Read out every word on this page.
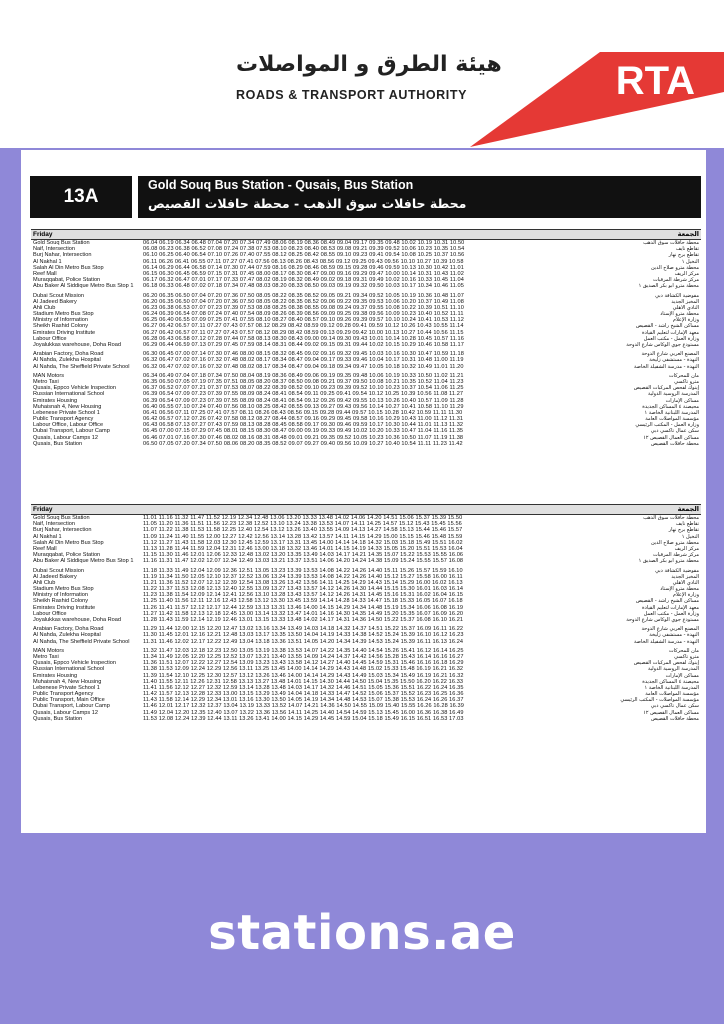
هيئة الطرق و المواصلات
ROADS & TRANSPORT AUTHORITY	RTA
13A
Gold Souq Bus Station - Qusais, Bus Station
محطة حافلات سوق الذهب - محطة حافلات القصيص
Friday	الجمعة
Gold Souq Bus Station	06.04 06.19 06.34 06.48 07.04 07.20 07.34 07.49 08.06 08.19 08.36 08.49 09.04 09.17 09.35 09.48 10.02 10.19 10.31 10.50	محطة حافلات سوق الذهب
Naif, Intersection	06.08 06.23 06.38 06.52 07.08 07.24 07.38 07.53 08.10 08.23 08.40 08.53 09.08 09.21 09.39 09.52 10.06 10.23 10.35 10.54	تقاطع نايف
Burj Nahar, Intersection	06.10 06.25 06.40 06.54 07.10 07.26 07.40 07.55 08.12 08.25 08.42 08.55 09.10 09.23 09.41 09.54 10.08 10.25 10.37 10.56	تقاطع برج نهار
Al Nakhal 1	06.11 06.26 06.41 06.55 07.11 07.27 07.41 07.56 08.13 08.26 08.43 08.56 09.12 09.25 09.43 09.56 10.10 10.27 10.39 10.58	النخيل ١
Salah Al Din Metro Bus Stop	06.14 06.29 06.44 06.58 07.14 07.30 07.44 07.59 08.16 08.29 08.46 08.59 09.15 09.28 09.46 09.59 10.13 10.30 10.42 11.01	محطة مترو صلاح الدين
Reef Mall	06.15 06.30 06.45 06.59 07.15 07.31 07.45 08.00 08.17 08.30 08.47 09.00 09.16 09.29 09.47 10.00 10.14 10.31 10.43 11.02	مركز الريف
Muraqqabat, Police Station	06.17 06.32 06.47 07.01 07.17 07.33 07.47 08.02 08.19 08.32 08.49 09.02 09.18 09.31 09.49 10.02 10.16 10.33 10.45 11.04	مركز شرطة المرقبات
Abu Baker Al Siddique Metro Bus Stop 1	06.18 06.33 06.48 07.02 07.18 07.34 07.48 08.03 08.20 08.33 08.50 09.03 09.19 09.32 09.50 10.03 10.17 10.34 10.46 11.05	محطة مترو أبو بكر الصديق ١
Dubai Scout Mission	06.20 06.35 06.50 07.04 07.20 07.36 07.50 08.05 08.22 08.35 08.52 09.05 09.21 09.34 09.52 10.05 10.19 10.36 10.48 11.07	مفوضية الكشافة دبي
Al Jadeed Bakery	06.20 06.35 06.50 07.04 07.20 07.36 07.50 08.05 08.22 08.35 08.52 09.06 09.22 09.35 09.53 10.06 10.20 10.37 10.49 11.08	المخبز الجديد
Ahli Club	06.23 06.38 06.53 07.07 07.23 07.39 07.53 08.08 08.25 08.38 08.55 09.08 09.24 09.37 09.55 10.08 10.22 10.39 10.51 11.10	النادي الأهلي
Stadium Metro Bus Stop	06.24 06.39 06.54 07.08 07.24 07.40 07.54 08.09 08.26 08.39 08.56 09.09 09.25 09.38 09.56 10.09 10.23 10.40 10.52 11.11	محطة مترو الإستاد
Ministry of Information	06.25 06.40 06.55 07.09 07.25 07.41 07.55 08.10 08.27 08.40 08.57 09.10 09.26 09.39 09.57 10.10 10.24 10.41 10.53 11.12	وزارة الإعلام
Sheikh Rashid Colony	06.27 06.42 06.57 07.11 07.27 07.43 07.57 08.12 08.29 08.42 08.59 09.12 09.28 09.41 09.59 10.12 10.26 10.43 10.55 11.14	مساكن الشيخ راشد - القصيص
Emirates Driving Institute	06.27 06.42 06.57 07.11 07.27 07.43 07.57 08.12 08.29 08.42 08.59 09.13 09.29 09.42 10.00 10.13 10.27 10.44 10.56 11.15	معهد الإمارات لتعليم القيادة
Labour Office	06.28 06.43 06.58 07.12 07.28 07.44 07.58 08.13 08.30 08.43 09.00 09.14 09.30 09.43 10.01 10.14 10.28 10.45 10.57 11.16	وزارة العمل - مكتب العمل
Joyalukkas warehouse, Doha Road	06.29 06.44 06.59 07.13 07.29 07.45 07.59 08.14 08.31 08.44 09.02 09.15 09.31 09.44 10.02 10.15 10.29 10.46 10.58 11.17	مستودع جوي ألوكاس شارع الدوحة
Arabian Factory, Doha Road	06.30 06.45 07.00 07.14 07.30 07.46 08.00 08.15 08.32 08.45 09.02 09.16 09.32 09.45 10.03 10.16 10.30 10.47 10.59 11.18	المصنع العربي شارع الدوحة
Al Nahda, Zulekha Hospital	06.32 06.47 07.02 07.16 07.32 07.48 08.02 08.17 08.34 08.47 09.04 09.17 09.33 09.46 10.04 10.17 10.31 10.48 11.00 11.19	النهدة - مستشفى زليخة
Al Nahda, The Sheffield Private School	06.32 06.47 07.02 07.16 07.32 07.48 08.02 08.17 08.34 08.47 09.04 09.18 09.34 09.47 10.05 10.18 10.32 10.49 11.01 11.20	النهدة - مدرسة الشفيلد الخاصة
MAN Motors	06.34 06.49 07.04 07.18 07.34 07.50 08.04 08.19 08.36 08.49 09.06 09.19 09.35 09.48 10.06 10.19 10.33 10.50 11.02 11.21	مان للمحركات
Metro Taxi	06.35 06.50 07.05 07.19 07.35 07.51 08.05 08.20 08.37 08.50 09.08 09.21 09.37 09.50 10.08 10.21 10.35 10.52 11.04 11.23	مترو تاكسي
Qusais, Eppco Vehicle Inspection	06.37 06.52 07.07 07.21 07.37 07.53 08.07 08.22 08.39 08.52 09.10 09.23 09.39 09.52 10.10 10.23 10.37 10.54 11.06 11.25	إينوك لفحص المركبات القصيص
Russian International School	06.39 06.54 07.09 07.23 07.39 07.55 08.09 08.24 08.41 08.54 09.11 09.25 09.41 09.54 10.12 10.25 10.39 10.56 11.08 11.27	المدرسة الروسية الدولية
Emirates Housing	06.39 06.54 07.09 07.23 07.39 07.55 08.09 08.24 08.41 08.54 09.12 09.26 09.42 09.55 10.13 10.26 10.40 10.57 11.09 11.28	مساكن الإمارات
Muhaisnah 4, New Housing	06.40 06.55 07.10 07.24 07.40 07.56 08.10 08.25 08.42 08.55 09.13 09.27 09.43 09.56 10.14 10.27 10.41 10.58 11.10 11.29	محيصنة ٤ المساكن الجديدة
Lebenese Private School 1	06.41 06.56 07.11 07.25 07.41 07.57 08.11 08.26 08.43 08.56 09.15 09.28 09.44 09.57 10.15 10.28 10.42 10.59 11.11 11.30	المدرسة اللبنانية الخاصة ١
Public Transport Agency	06.42 06.57 07.12 07.26 07.42 07.58 08.12 08.27 08.44 08.57 09.16 09.29 09.45 09.58 10.16 10.29 10.43 11.00 11.12 11.31	مؤسسة المواصلات العامة
Labour Office, Labour Office	06.43 06.58 07.13 07.27 07.43 07.59 08.13 08.28 08.45 08.58 09.17 09.30 09.46 09.59 10.17 10.30 10.44 11.01 11.13 11.32	وزارة العمل - المكتب الرئيسي
Dubai Transport, Labour Camp	06.45 07.00 07.15 07.29 07.45 08.01 08.15 08.30 08.47 09.00 09.19 09.33 09.49 10.02 10.20 10.33 10.47 11.04 11.16 11.35	سكن عمال تاكسي دبي
Qusais, Labour Camps 12	06.46 07.01 07.16 07.30 07.46 08.02 08.16 08.31 08.48 09.01 09.21 09.35 09.52 10.05 10.23 10.36 10.50 11.07 11.19 11.38	مساكن العمال القصيص ١٢
Qusais, Bus Station	06.50 07.05 07.20 07.34 07.50 08.06 08.20 08.35 08.52 09.07 09.27 09.40 09.56 10.09 10.27 10.40 10.54 11.11 11.23 11.42	محطة حافلات القصيص
Friday	الجمعة
Gold Souq Bus Station	11.01 11.16 11.32 11.47 11.52 12.19 12.34 12.48 13.06 13.20 13.33 13.48 14.02 14.06 14.20 14.51 15.06 15.37 15.39 15.50	محطة حافلات سوق الذهب
Naif, Intersection	11.05 11.20 11.36 11.51 11.56 12.23 12.38 12.52 13.10 13.24 13.38 13.53 14.07 14.11 14.25 14.57 15.12 15.43 15.45 15.56	تقاطع نايف
Burj Nahar, Intersection	11.07 11.22 11.38 11.53 11.58 12.25 12.40 12.54 13.12 13.26 13.40 13.55 14.09 14.13 14.27 14.58 15.13 15.44 15.46 15.57	تقاطع برج نهار
Al Nakhal 1	11.09 11.24 11.40 11.55 12.00 12.27 12.42 12.56 13.14 13.28 13.42 13.57 14.11 14.15 14.29 15.00 15.15 15.46 15.48 15.59	النخيل ١
Salah Al Din Metro Bus Stop	11.12 11.27 11.43 11.58 12.03 12.30 12.45 12.59 13.17 13.31 13.45 14.00 14.14 14.18 14.32 15.03 15.18 15.49 15.51 16.02	محطة مترو صلاح الدين
Reef Mall	11.13 11.28 11.44 11.59 12.04 12.31 12.46 13.00 13.18 13.32 13.46 14.01 14.15 14.19 14.33 15.05 15.20 15.51 15.53 16.04	مركز الريف
Muraqqabat, Police Station	11.15 11.30 11.46 12.01 12.06 12.33 12.48 13.02 13.20 13.35 13.49 14.03 14.17 14.21 14.35 15.07 15.22 15.53 15.55 16.06	مركز شرطة المرقبات
Abu Baker Al Siddique Metro Bus Stop 1	11.16 11.31 11.47 12.02 12.07 12.34 12.49 13.03 13.21 13.37 13.51 14.06 14.20 14.24 14.38 15.09 15.24 15.55 15.57 16.08	محطة مترو أبو بكر الصديق ١
Dubai Scout Mission	11.18 11.33 11.49 12.04 12.09 12.36 12.51 13.05 13.23 13.39 13.53 14.08 14.22 14.26 14.40 15.11 15.26 15.57 15.59 16.10	مفوضية الكشافة دبي
Al Jadeed Bakery	11.19 11.34 11.50 12.05 12.10 12.37 12.52 13.06 13.24 13.39 13.53 14.08 14.22 14.26 14.40 15.12 15.27 15.58 16.00 16.11	المخبز الجديد
Ahli Club	11.21 11.36 11.52 12.07 12.12 12.39 12.54 13.08 13.26 13.42 13.56 14.11 14.25 14.29 14.43 15.14 15.29 16.00 16.02 16.13	النادي الأهلي
Stadium Metro Bus Stop	11.22 11.37 11.53 12.08 12.13 12.40 12.55 13.09 13.27 13.43 13.57 14.12 14.26 14.30 14.44 15.15 15.30 16.01 16.03 16.14	محطة مترو الإستاد
Ministry of Information	11.23 11.38 11.54 12.09 12.14 12.41 12.56 13.10 13.28 13.43 13.57 14.12 14.26 14.31 14.45 15.16 15.31 16.02 16.04 16.15	وزارة الإعلام
Sheikh Rashid Colony	11.25 11.40 11.56 12.11 12.16 12.43 12.58 13.12 13.30 13.45 13.59 14.14 14.28 14.33 14.47 15.18 15.33 16.05 16.07 16.18	مساكن الشيخ راشد - القصيص
Emirates Driving Institute	11.26 11.41 11.57 12.12 12.17 12.44 12.59 13.13 13.31 13.46 14.00 14.15 14.29 14.34 14.48 15.19 15.34 16.06 16.08 16.19	معهد الإمارات لتعليم القيادة
Labour Office	11.27 11.42 11.58 12.13 12.18 12.45 13.00 13.14 13.32 13.47 14.01 14.16 14.30 14.35 14.49 15.20 15.35 16.07 16.09 16.20	وزارة العمل - مكتب العمل
Joyalukkas warehouse, Doha Road	11.28 11.43 11.59 12.14 12.19 12.46 13.01 13.15 13.33 13.48 14.02 14.17 14.31 14.36 14.50 15.22 15.37 16.08 16.10 16.21	مستودع جوي ألوكاس شارع الدوحة
Arabian Factory, Doha Road	11.29 11.44 12.00 12.15 12.20 12.47 13.02 13.16 13.34 13.49 14.03 14.18 14.32 14.37 14.51 15.22 15.37 16.09 16.11 16.22	المصنع العربي شارع الدوحة
Al Nahda, Zulekha Hospital	11.30 11.45 12.01 12.16 12.21 12.48 13.03 13.17 13.35 13.50 14.04 14.19 14.33 14.38 14.52 15.24 15.39 16.10 16.12 16.23	النهدة - مستشفى زليخة
Al Nahda, The Sheffield Private School	11.31 11.46 12.02 12.17 12.22 12.49 13.04 13.18 13.36 13.51 14.05 14.20 14.34 14.39 14.53 15.24 15.39 16.11 16.13 16.24	النهدة - مدرسة الشفيلد الخاصة
MAN Motors	11.32 11.47 12.03 12.18 12.23 12.50 13.05 13.19 13.38 13.53 14.07 14.22 14.35 14.40 14.54 15.26 15.41 16.12 16.14 16.25	مان للمحركات
Metro Taxi	11.34 11.49 12.05 12.20 12.25 12.52 13.07 13.21 13.40 13.55 14.09 14.24 14.37 14.42 14.56 15.28 15.43 16.14 16.16 16.27	مترو تاكسي
Qusais, Eppco Vehicle Inspection	11.36 11.51 12.07 12.22 12.27 12.54 13.09 13.23 13.43 13.58 14.12 14.27 14.40 14.45 14.59 15.31 15.46 16.16 16.18 16.29	إينوك لفحص المركبات القصيص
Russian International School	11.38 11.53 12.09 12.24 12.29 12.56 13.11 13.25 13.45 14.00 14.14 14.29 14.43 14.48 15.02 15.33 15.48 16.19 16.21 16.32	المدرسة الروسية الدولية
Emirates Housing	11.39 11.54 12.10 12.25 12.30 12.57 13.12 13.26 13.46 14.00 14.14 14.29 14.43 14.49 15.03 15.34 15.49 16.19 16.21 16.32	مساكن الإمارات
Muhaisnah 4, New Housing	11.40 11.55 12.11 12.26 12.31 12.58 13.13 13.27 13.48 14.01 14.15 14.30 14.44 14.50 15.04 15.35 15.50 16.20 16.22 16.33	محيصنة ٤ المساكن الجديدة
Lebenese Private School 1	11.41 11.56 12.12 12.27 12.32 12.59 13.14 13.28 13.48 14.03 14.17 14.32 14.46 14.51 15.05 15.36 15.51 16.22 16.24 16.35	المدرسة اللبنانية الخاصة ١
Public Transport Agency	11.42 11.57 12.13 12.28 12.33 13.00 13.15 13.29 13.49 14.04 14.18 14.33 14.47 14.52 15.06 15.37 15.52 16.23 16.25 16.36	مؤسسة المواصلات العامة
Public Transport, Main Office	11.43 11.58 12.14 12.29 12.34 13.01 13.16 13.30 13.50 14.05 14.19 14.34 14.48 14.53 15.07 15.38 15.53 16.24 16.26 16.37	مؤسسة المواصلات - المكتب الرئيسي
Dubai Transport, Labour Camp	11.46 12.01 12.17 12.32 12.37 13.04 13.19 13.33 13.52 14.07 14.21 14.36 14.50 14.55 15.09 15.40 15.55 16.26 16.28 16.39	سكن عمال تاكسي دبي
Qusais, Labour Camps 12	11.49 12.04 12.20 12.35 12.40 13.07 13.22 13.36 13.56 14.11 14.25 14.40 14.54 14.59 15.13 15.45 16.00 16.36 16.38 16.49	مساكن العمال القصيص ١٢
Qusais, Bus Station	11.53 12.08 12.24 12.39 12.44 13.11 13.26 13.41 14.00 14.15 14.29 14.45 14.59 15.04 15.18 15.49 16.15 16.51 16.53 17.03	محطة حافلات القصيص
stations.ae
